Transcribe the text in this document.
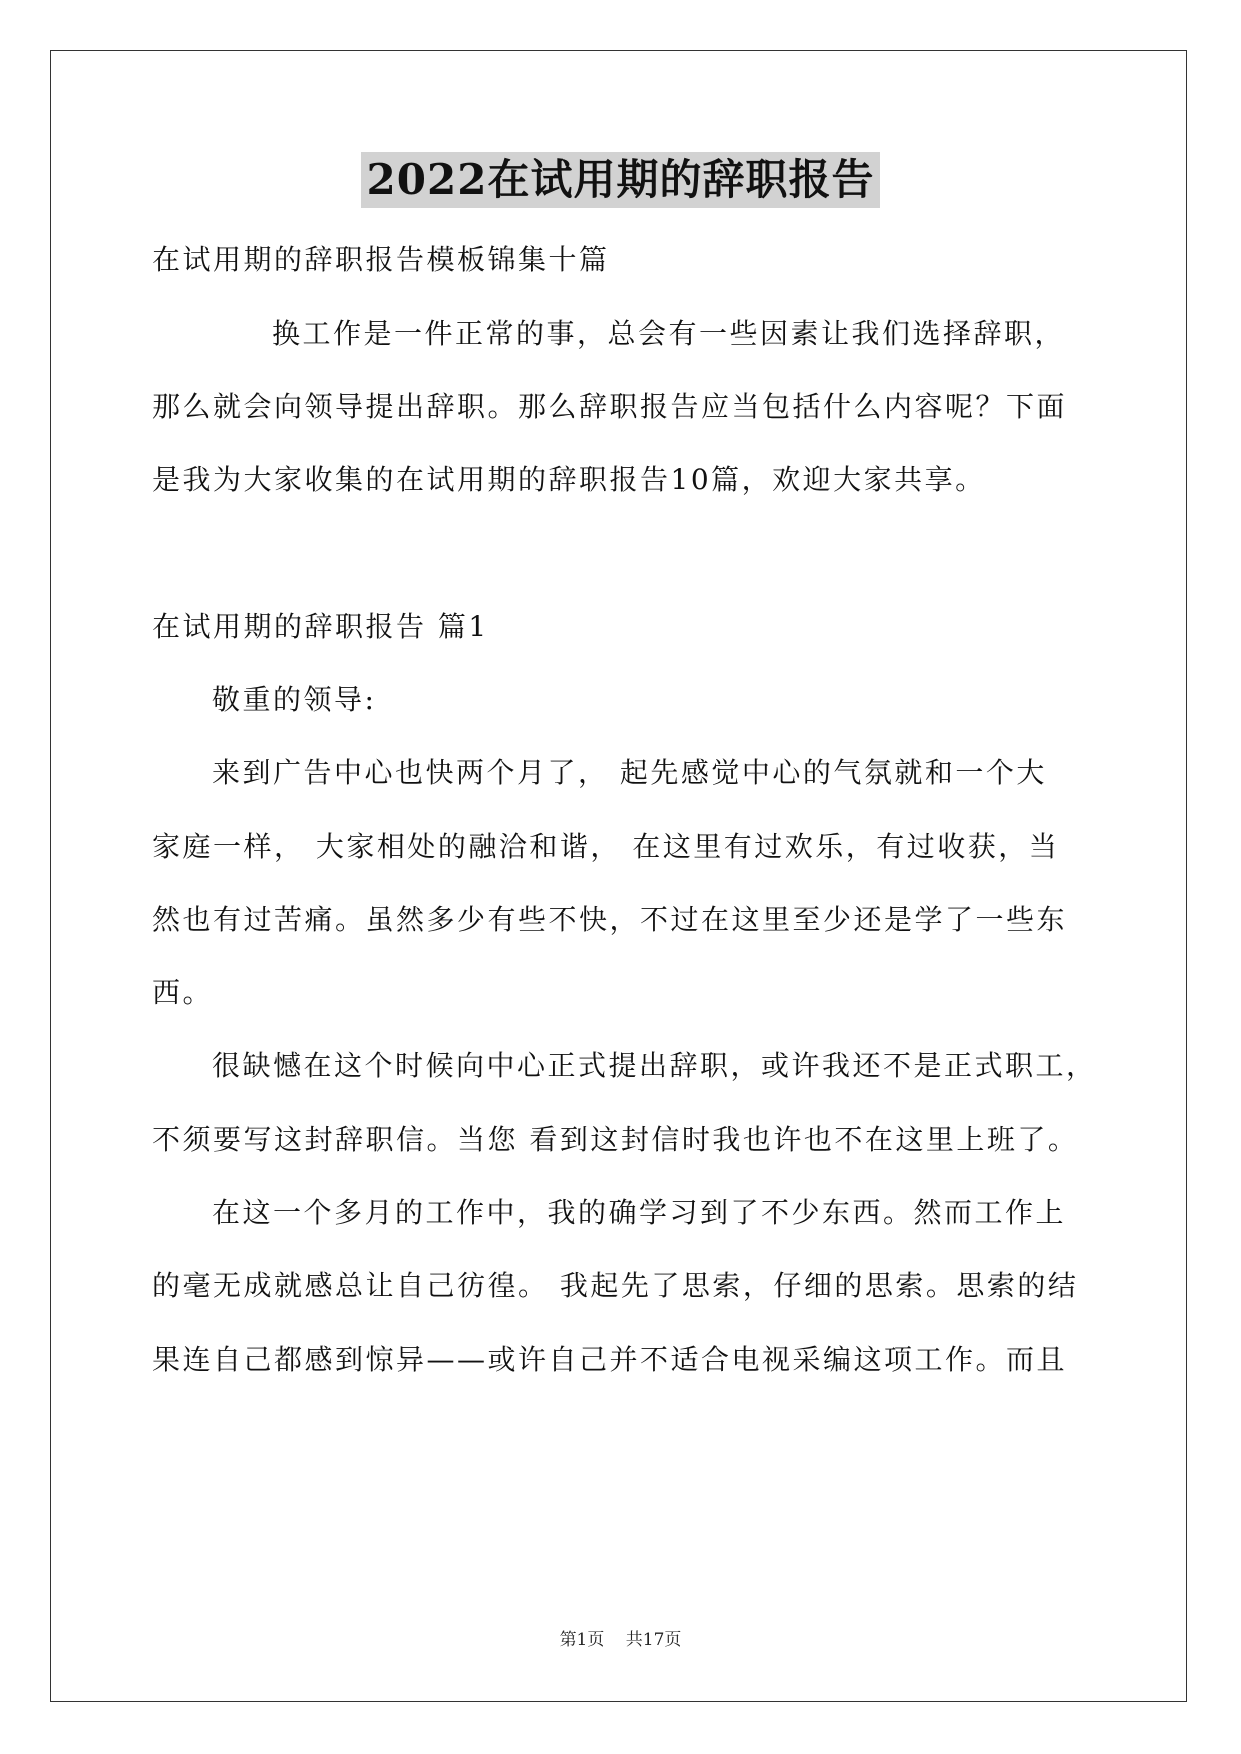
2022在试用期的辞职报告
在试用期的辞职报告模板锦集十篇
换工作是一件正常的事，总会有一些因素让我们选择辞职，
那么就会向领导提出辞职。那么辞职报告应当包括什么内容呢？下面
是我为大家收集的在试用期的辞职报告10篇，欢迎大家共享。
在试用期的辞职报告 篇1
敬重的领导:
来到广告中心也快两个月了， 起先感觉中心的气氛就和一个大
家庭一样， 大家相处的融洽和谐， 在这里有过欢乐，有过收获，当
然也有过苦痛。虽然多少有些不快，不过在这里至少还是学了一些东
西。
很缺憾在这个时候向中心正式提出辞职，或许我还不是正式职工，
不须要写这封辞职信。当您 看到这封信时我也许也不在这里上班了。
在这一个多月的工作中，我的确学习到了不少东西。然而工作上
的毫无成就感总让自己彷徨。 我起先了思索，仔细的思索。思索的结
果连自己都感到惊异——或许自己并不适合电视采编这项工作。而且
第1页 共17页
